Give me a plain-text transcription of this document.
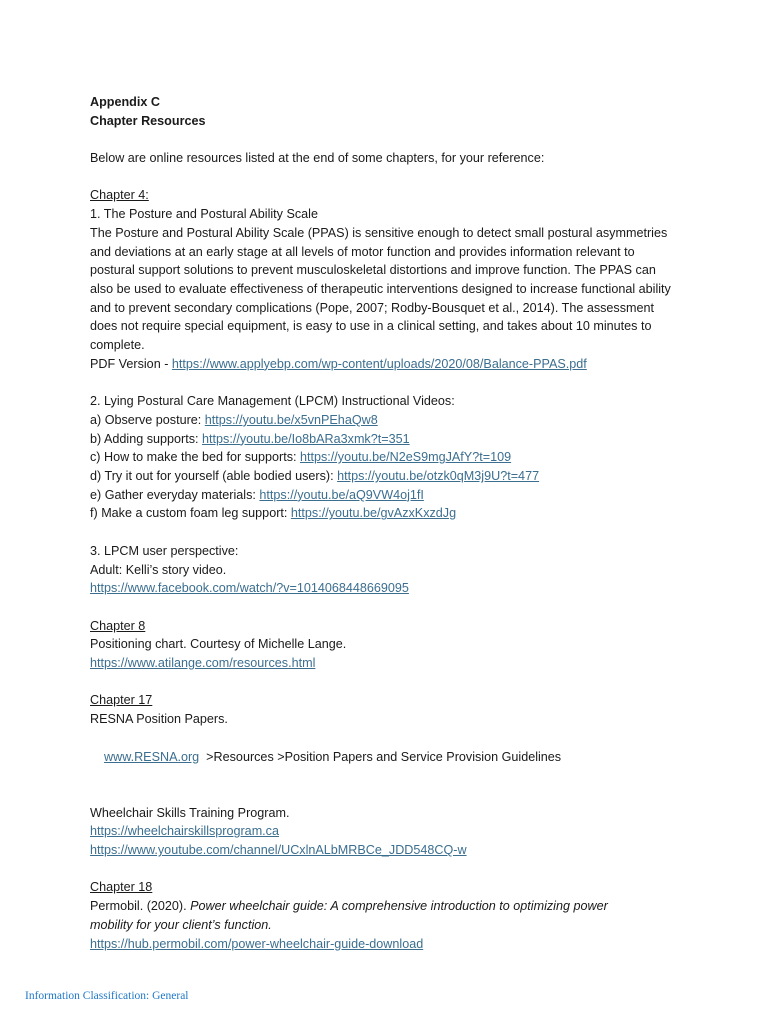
Appendix C
Chapter Resources
Below are online resources listed at the end of some chapters, for your reference:
Chapter 4:
1. The Posture and Postural Ability Scale
The Posture and Postural Ability Scale (PPAS) is sensitive enough to detect small postural asymmetries and deviations at an early stage at all levels of motor function and provides information relevant to postural support solutions to prevent musculoskeletal distortions and improve function. The PPAS can also be used to evaluate effectiveness of therapeutic interventions designed to increase functional ability and to prevent secondary complications (Pope, 2007; Rodby-Bousquet et al., 2014). The assessment does not require special equipment, is easy to use in a clinical setting, and takes about 10 minutes to complete.
PDF Version - https://www.applyebp.com/wp-content/uploads/2020/08/Balance-PPAS.pdf
2. Lying Postural Care Management (LPCM) Instructional Videos:
a) Observe posture: https://youtu.be/x5vnPEhaQw8
b) Adding supports: https://youtu.be/Io8bARa3xmk?t=351
c) How to make the bed for supports: https://youtu.be/N2eS9mgJAfY?t=109
d) Try it out for yourself (able bodied users): https://youtu.be/otzk0qM3j9U?t=477
e) Gather everyday materials: https://youtu.be/aQ9VW4oj1fI
f) Make a custom foam leg support: https://youtu.be/gvAzxKxzdJg
3. LPCM user perspective:
Adult: Kelli’s story video.
https://www.facebook.com/watch/?v=1014068448669095
Chapter 8
Positioning chart. Courtesy of Michelle Lange.
https://www.atilange.com/resources.html
Chapter 17
RESNA Position Papers.

www.RESNA.org  >Resources >Position Papers and Service Provision Guidelines

Wheelchair Skills Training Program.
https://wheelchairskillsprogram.ca
https://www.youtube.com/channel/UCxlnALbMRBCe_JDD548CQ-w
Chapter 18
Permobil. (2020). Power wheelchair guide: A comprehensive introduction to optimizing power mobility for your client’s function.
https://hub.permobil.com/power-wheelchair-guide-download
Information Classification: General
